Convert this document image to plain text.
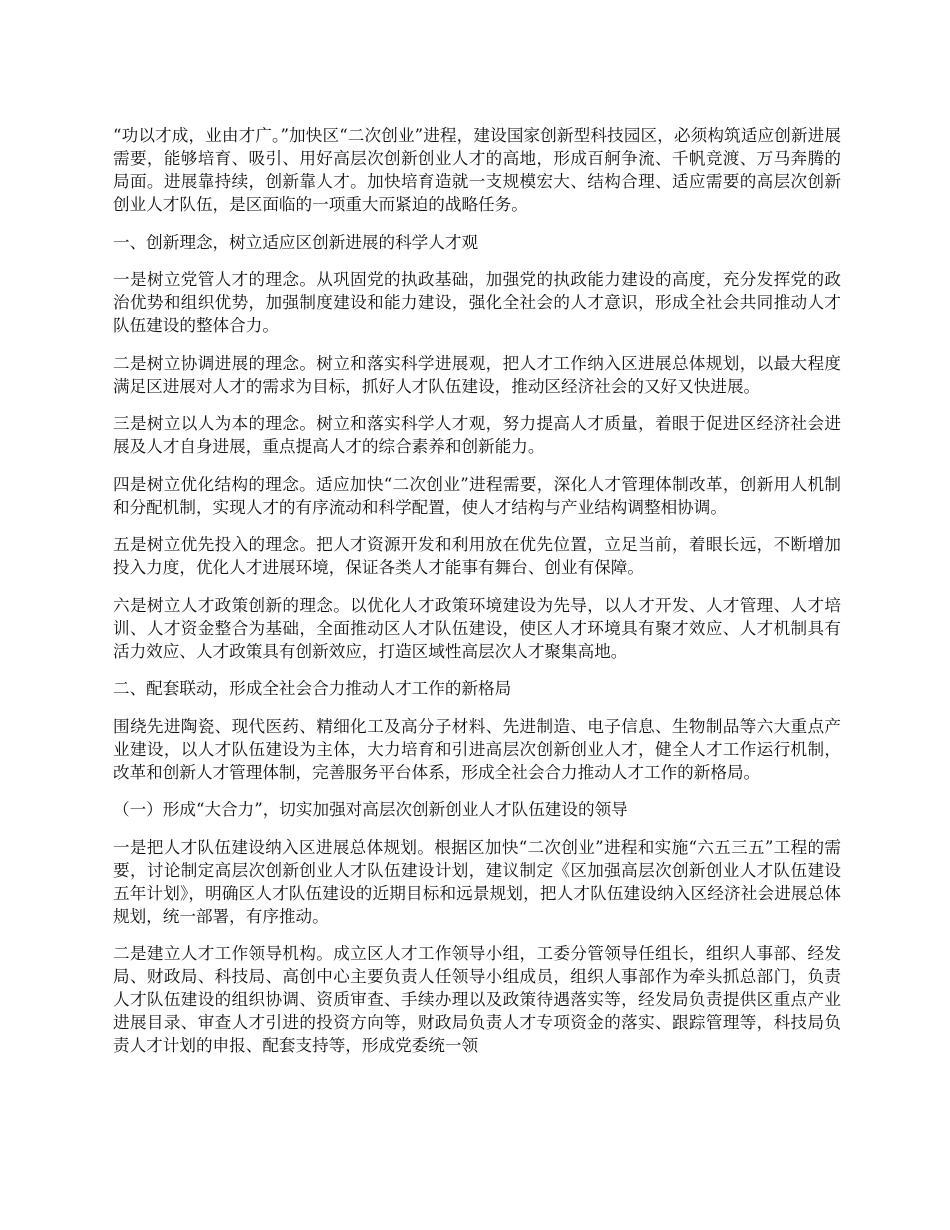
“功以才成，业由才广。”加快区“二次创业”进程，建设国家创新型科技园区，必须构筑适应创新进展需要，能够培育、吸引、用好高层次创新创业人才的高地，形成百舸争流、千帆竞渡、万马奔腾的局面。进展靠持续，创新靠人才。加快培育造就一支规模宏大、结构合理、适应需要的高层次创新创业人才队伍，是区面临的一项重大而紧迫的战略任务。

一、创新理念，树立适应区创新进展的科学人才观

一是树立党管人才的理念。从巩固党的执政基础，加强党的执政能力建设的高度，充分发挥党的政治优势和组织优势，加强制度建设和能力建设，强化全社会的人才意识，形成全社会共同推动人才队伍建设的整体合力。

二是树立协调进展的理念。树立和落实科学进展观，把人才工作纳入区进展总体规划，以最大程度满足区进展对人才的需求为目标，抓好人才队伍建设，推动区经济社会的又好又快进展。

三是树立以人为本的理念。树立和落实科学人才观，努力提高人才质量，着眼于促进区经济社会进展及人才自身进展，重点提高人才的综合素养和创新能力。

四是树立优化结构的理念。适应加快“二次创业”进程需要，深化人才管理体制改革，创新用人机制和分配机制，实现人才的有序流动和科学配置，使人才结构与产业结构调整相协调。

五是树立优先投入的理念。把人才资源开发和利用放在优先位置，立足当前，着眼长远，不断增加投入力度，优化人才进展环境，保证各类人才能事有舞台、创业有保障。

六是树立人才政策创新的理念。以优化人才政策环境建设为先导，以人才开发、人才管理、人才培训、人才资金整合为基础，全面推动区人才队伍建设，使区人才环境具有聚才效应、人才机制具有活力效应、人才政策具有创新效应，打造区域性高层次人才聚集高地。

二、配套联动，形成全社会合力推动人才工作的新格局

围绕先进陶瓷、现代医药、精细化工及高分子材料、先进制造、电子信息、生物制品等六大重点产业建设，以人才队伍建设为主体，大力培育和引进高层次创新创业人才，健全人才工作运行机制，改革和创新人才管理体制，完善服务平台体系，形成全社会合力推动人才工作的新格局。

（一）形成“大合力”，切实加强对高层次创新创业人才队伍建设的领导

一是把人才队伍建设纳入区进展总体规划。根据区加快“二次创业”进程和实施“六五三五”工程的需要，讨论制定高层次创新创业人才队伍建设计划，建议制定《区加强高层次创新创业人才队伍建设五年计划》，明确区人才队伍建设的近期目标和远景规划，把人才队伍建设纳入区经济社会进展总体规划，统一部署，有序推动。

二是建立人才工作领导机构。成立区人才工作领导小组，工委分管领导任组长，组织人事部、经发局、财政局、科技局、高创中心主要负责人任领导小组成员，组织人事部作为牵头抓总部门，负责人才队伍建设的组织协调、资质审查、手续办理以及政策待遇落实等，经发局负责提供区重点产业进展目录、审查人才引进的投资方向等，财政局负责人才专项资金的落实、跟踪管理等，科技局负责人才计划的申报、配套支持等，形成党委统一领
